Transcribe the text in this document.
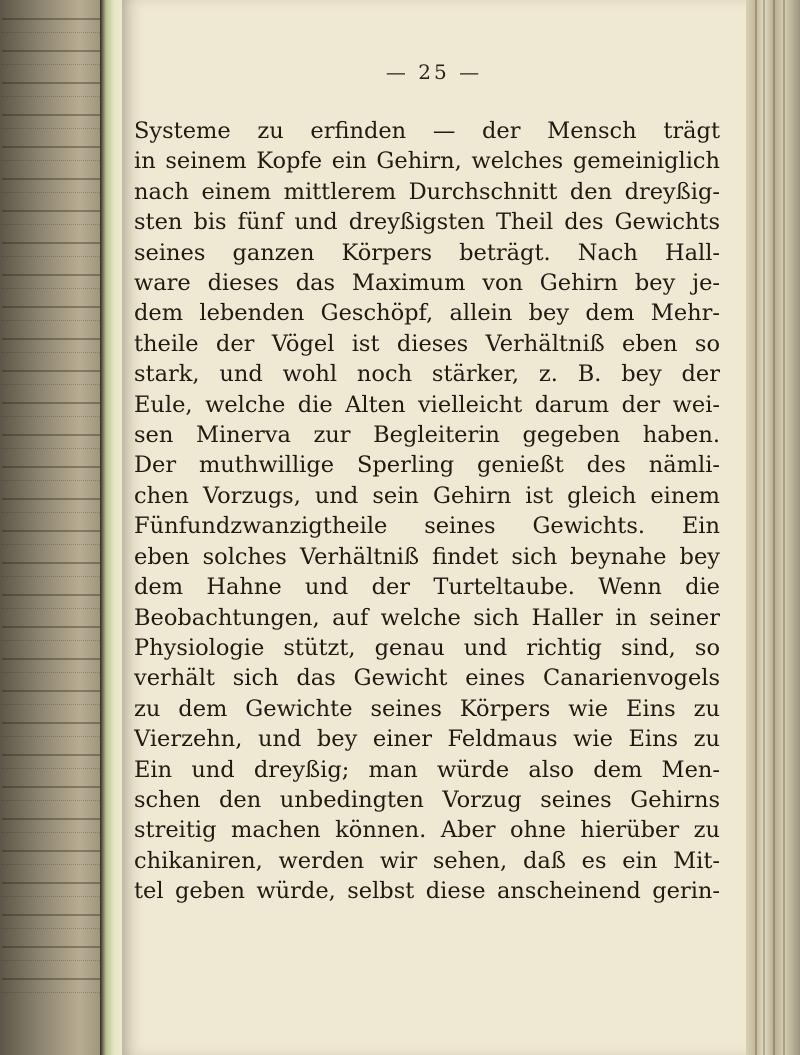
— 25 —
Systeme zu erfinden — der Mensch trägt
in seinem Kopfe ein Gehirn, welches gemeiniglich
nach einem mittlerem Durchschnitt den dreyßig-
sten bis fünf und dreyßigsten Theil des Gewichts
seines ganzen Körpers beträgt. Nach Hall-
ware dieses das Maximum von Gehirn bey je-
dem lebenden Geschöpf, allein bey dem Mehr-
theile der Vögel ist dieses Verhältniß eben so
stark, und wohl noch stärker, z. B. bey der
Eule, welche die Alten vielleicht darum der wei-
sen Minerva zur Begleiterin gegeben haben.
Der muthwillige Sperling genießt des nämli-
chen Vorzugs, und sein Gehirn ist gleich einem
Fünfundzwanzigtheile seines Gewichts. Ein
eben solches Verhältniß findet sich beynahe bey
dem Hahne und der Turteltaube. Wenn die
Beobachtungen, auf welche sich Haller in seiner
Physiologie stützt, genau und richtig sind, so
verhält sich das Gewicht eines Canarienvogels
zu dem Gewichte seines Körpers wie Eins zu
Vierzehn, und bey einer Feldmaus wie Eins zu
Ein und dreyßig; man würde also dem Men-
schen den unbedingten Vorzug seines Gehirns
streitig machen können. Aber ohne hierüber zu
chikaniren, werden wir sehen, daß es ein Mit-
tel geben würde, selbst diese anscheinend gerin-
